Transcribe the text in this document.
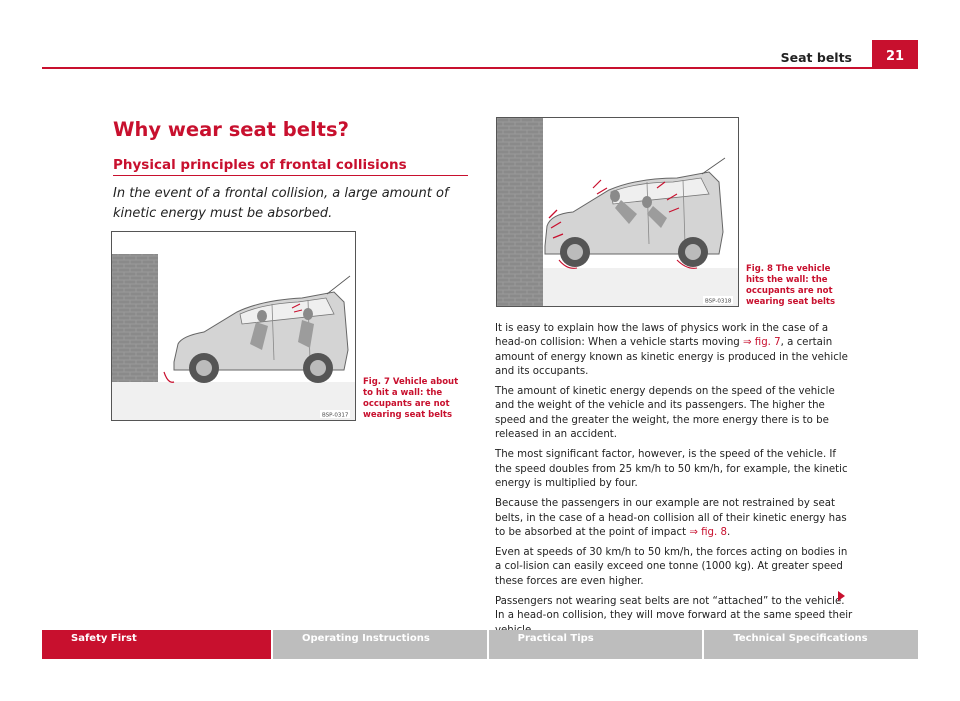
Seat belts	21
Why wear seat belts?
Physical principles of frontal collisions

In the event of a frontal collision, a large amount of kinetic energy must be absorbed.

BSP-0317

Fig. 7 Vehicle about to hit a wall: the occupants are not wearing seat belts

BSP-0318

Fig. 8 The vehicle hits the wall: the occupants are not wearing seat belts

It is easy to explain how the laws of physics work in the case of a head-on collision: When a vehicle starts moving ⇒ fig. 7, a certain amount of energy known as kinetic energy is produced in the vehicle and its occupants.

The amount of kinetic energy depends on the speed of the vehicle and the weight of the vehicle and its passengers. The higher the speed and the greater the weight, the more energy there is to be released in an accident.

The most significant factor, however, is the speed of the vehicle. If the speed doubles from 25 km/h to 50 km/h, for example, the kinetic energy is multiplied by four.

Because the passengers in our example are not restrained by seat belts, in the case of a head-on collision all of their kinetic energy has to be absorbed at the point of impact ⇒ fig. 8.

Even at speeds of 30 km/h to 50 km/h, the forces acting on bodies in a col-lision can easily exceed one tonne (1000 kg). At greater speed these forces are even higher.

Passengers not wearing seat belts are not “attached” to the vehicle. In a head-on collision, they will move forward at the same speed their

Safety First	Operating Instructions	Practical Tips	Technical Specifications
